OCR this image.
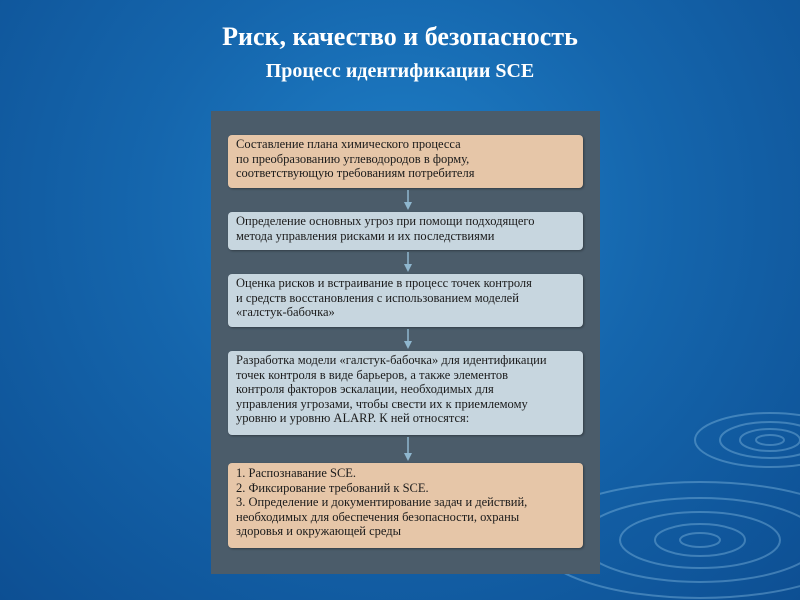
Риск, качество и безопасность
Процесс идентификации SCE
Составление плана химического процесса
по преобразованию углеводородов в форму,
соответствующую требованиям потребителя
Определение основных угроз при помощи подходящего
метода управления рисками и их последствиями
Оценка рисков и встраивание в процесс точек контроля
и средств восстановления с использованием моделей
«галстук-бабочка»
Разработка модели «галстук-бабочка» для идентификации
точек контроля в виде барьеров, а также элементов
контроля факторов эскалации, необходимых для
управления угрозами, чтобы свести их к приемлемому
уровню и уровню ALARP. К ней относятся:
1. Распознавание SCE.
2. Фиксирование требований к SCE.
3. Определение и документирование задач и действий,
необходимых для обеспечения безопасности, охраны
здоровья и окружающей среды
